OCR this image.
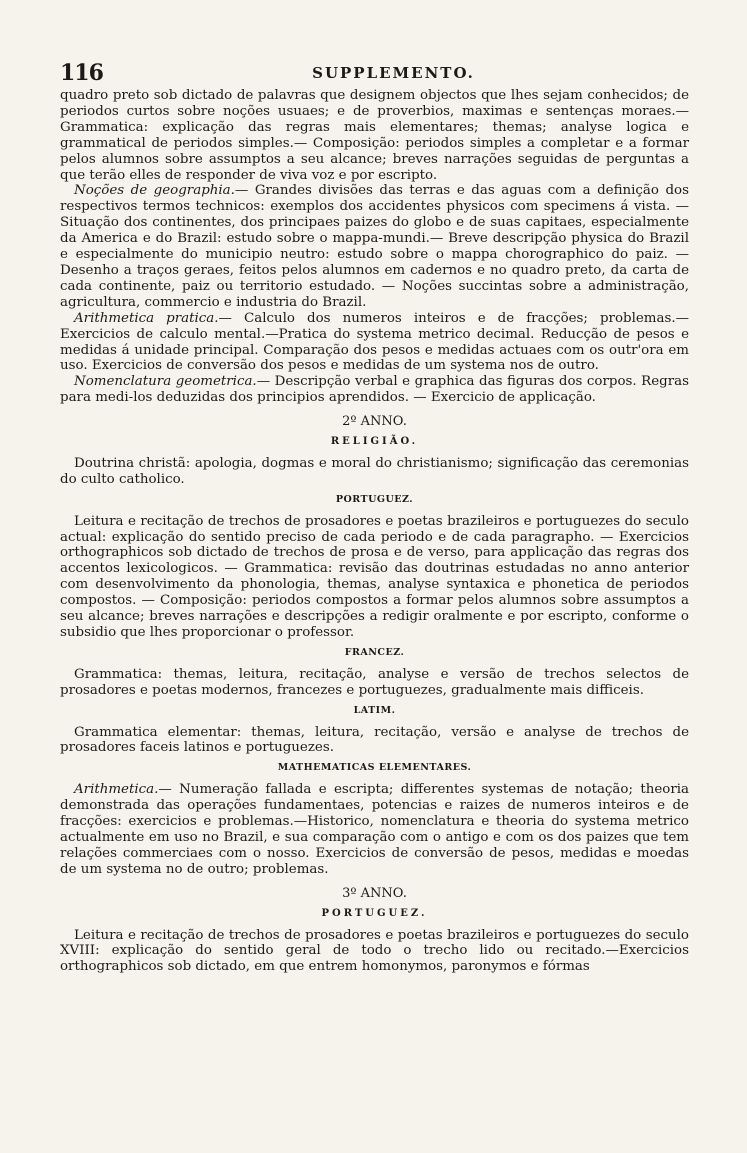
116	SUPPLEMENTO.

quadro preto sob dictado de palavras que designem objectos que lhes sejam conhecidos; de periodos curtos sobre noções usuaes; e de proverbios, maximas e sentenças moraes.— Grammatica: explicação das regras mais elementares; themas; analyse logica e grammatical de periodos simples.— Composição: periodos simples a completar e a formar pelos alumnos sobre assumptos a seu alcance; breves narrações seguidas de perguntas a que terão elles de responder de viva voz e por escripto.

Noções de geographia.— Grandes divisões das terras e das aguas com a definição dos respectivos termos technicos: exemplos dos accidentes physicos com specimens á vista. — Situação dos continentes, dos principaes paizes do globo e de suas capitaes, especialmente da America e do Brazil: estudo sobre o mappa-mundi.— Breve descripção physica do Brazil e especialmente do municipio neutro: estudo sobre o mappa chorographico do paiz. — Desenho a traços geraes, feitos pelos alumnos em cadernos e no quadro preto, da carta de cada continente, paiz ou territorio estudado. — Noções succintas sobre a administração, agricultura, commercio e industria do Brazil.

Arithmetica pratica.— Calculo dos numeros inteiros e de fracções; problemas.— Exercicios de calculo mental.—Pratica do systema metrico decimal. Reducção de pesos e medidas á unidade principal. Comparação dos pesos e medidas actuaes com os outr'ora em uso. Exercicios de conversão dos pesos e medidas de um systema nos de outro.

Nomenclatura geometrica.— Descripção verbal e graphica das figuras dos corpos. Regras para medi-los deduzidas dos principios aprendidos. — Exercicio de applicação.

2º ANNO.
RELIGIÃO.

Doutrina christã: apologia, dogmas e moral do christianismo; significação das ceremonias do culto catholico.

PORTUGUEZ.

Leitura e recitação de trechos de prosadores e poetas brazileiros e portuguezes do seculo actual: explicação do sentido preciso de cada periodo e de cada paragrapho. — Exercicios orthographicos sob dictado de trechos de prosa e de verso, para applicação das regras dos accentos lexicologicos. — Grammatica: revisão das doutrinas estudadas no anno anterior com desenvolvimento da phonologia, themas, analyse syntaxica e phonetica de periodos compostos. — Composição: periodos compostos a formar pelos alumnos sobre assumptos a seu alcance; breves narrações e descripções a redigir oralmente e por escripto, conforme o subsidio que lhes proporcionar o professor.

FRANCEZ.

Grammatica: themas, leitura, recitação, analyse e versão de trechos selectos de prosadores e poetas modernos, francezes e portuguezes, gradualmente mais difficeis.

LATIM.

Grammatica elementar: themas, leitura, recitação, versão e analyse de trechos de prosadores faceis latinos e portuguezes.

MATHEMATICAS ELEMENTARES.

Arithmetica.— Numeração fallada e escripta; differentes systemas de notação; theoria demonstrada das operações fundamentaes, potencias e raizes de numeros inteiros e de fracções: exercicios e problemas.—Historico, nomenclatura e theoria do systema metrico actualmente em uso no Brazil, e sua comparação com o antigo e com os dos paizes que tem relações commerciaes com o nosso. Exercicios de conversão de pesos, medidas e moedas de um systema no de outro; problemas.

3º ANNO.
PORTUGUEZ.

Leitura e recitação de trechos de prosadores e poetas brazileiros e portuguezes do seculo XVIII: explicação do sentido geral de todo o trecho lido ou recitado.—Exercicios orthographicos sob dictado, em que entrem homonymos, paronymos e fórmas
